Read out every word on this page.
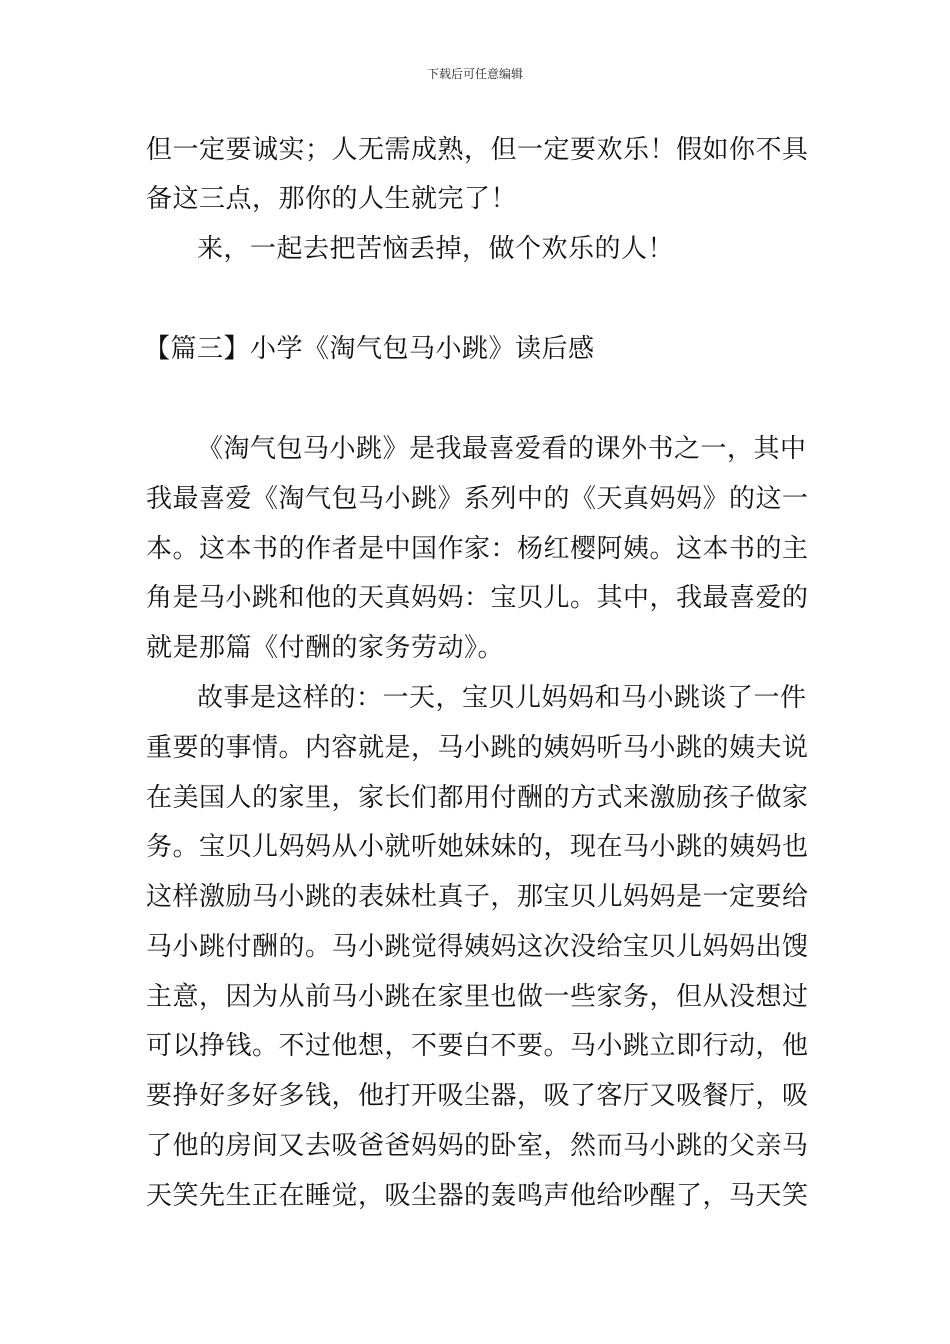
下载后可任意编辑
但一定要诚实；人无需成熟，但一定要欢乐！假如你不具
备这三点，那你的人生就完了！
来，一起去把苦恼丢掉，做个欢乐的人！
【篇三】小学《淘气包马小跳》读后感
《淘气包马小跳》是我最喜爱看的课外书之一，其中
我最喜爱《淘气包马小跳》系列中的《天真妈妈》的这一
本。这本书的作者是中国作家：杨红樱阿姨。这本书的主
角是马小跳和他的天真妈妈：宝贝儿。其中，我最喜爱的
就是那篇《付酬的家务劳动》。
故事是这样的：一天，宝贝儿妈妈和马小跳谈了一件
重要的事情。内容就是，马小跳的姨妈听马小跳的姨夫说
在美国人的家里，家长们都用付酬的方式来激励孩子做家
务。宝贝儿妈妈从小就听她妹妹的，现在马小跳的姨妈也
这样激励马小跳的表妹杜真子，那宝贝儿妈妈是一定要给
马小跳付酬的。马小跳觉得姨妈这次没给宝贝儿妈妈出馊
主意，因为从前马小跳在家里也做一些家务，但从没想过
可以挣钱。不过他想，不要白不要。马小跳立即行动，他
要挣好多好多钱，他打开吸尘器，吸了客厅又吸餐厅，吸
了他的房间又去吸爸爸妈妈的卧室，然而马小跳的父亲马
天笑先生正在睡觉，吸尘器的轰鸣声他给吵醒了，马天笑
